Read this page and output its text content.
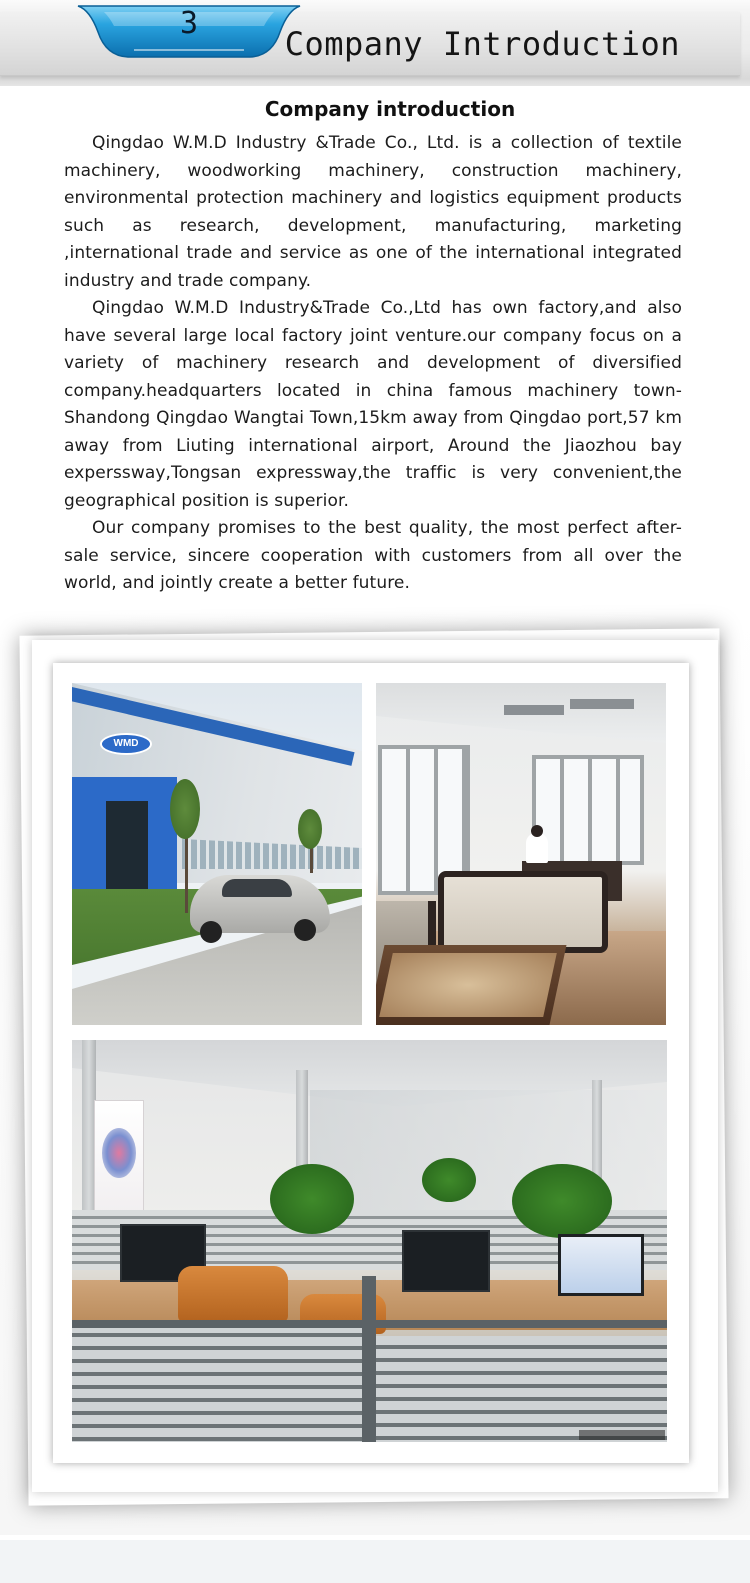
3
Company Introduction
Company introduction

Qingdao W.M.D Industry &Trade Co., Ltd. is a collection of textile machinery, woodworking machinery, construction machinery, environmental protection machinery and logistics equipment products such as research, development, manufacturing, marketing ,international trade and service as one of the international integrated industry and trade company.

Qingdao W.M.D Industry&Trade Co.,Ltd has own factory,and also have several large local factory joint venture.our company focus on a variety of machinery research and development of diversified company.headquarters located in china famous machinery town-Shandong Qingdao Wangtai Town,15km away from Qingdao port,57 km away from Liuting international airport, Around the Jiaozhou bay experssway,Tongsan expressway,the traffic is very convenient,the geographical position is superior.

Our company promises to the best quality, the most perfect after-sale service, sincere cooperation with customers from all over the world, and jointly create a better future.

WMD
